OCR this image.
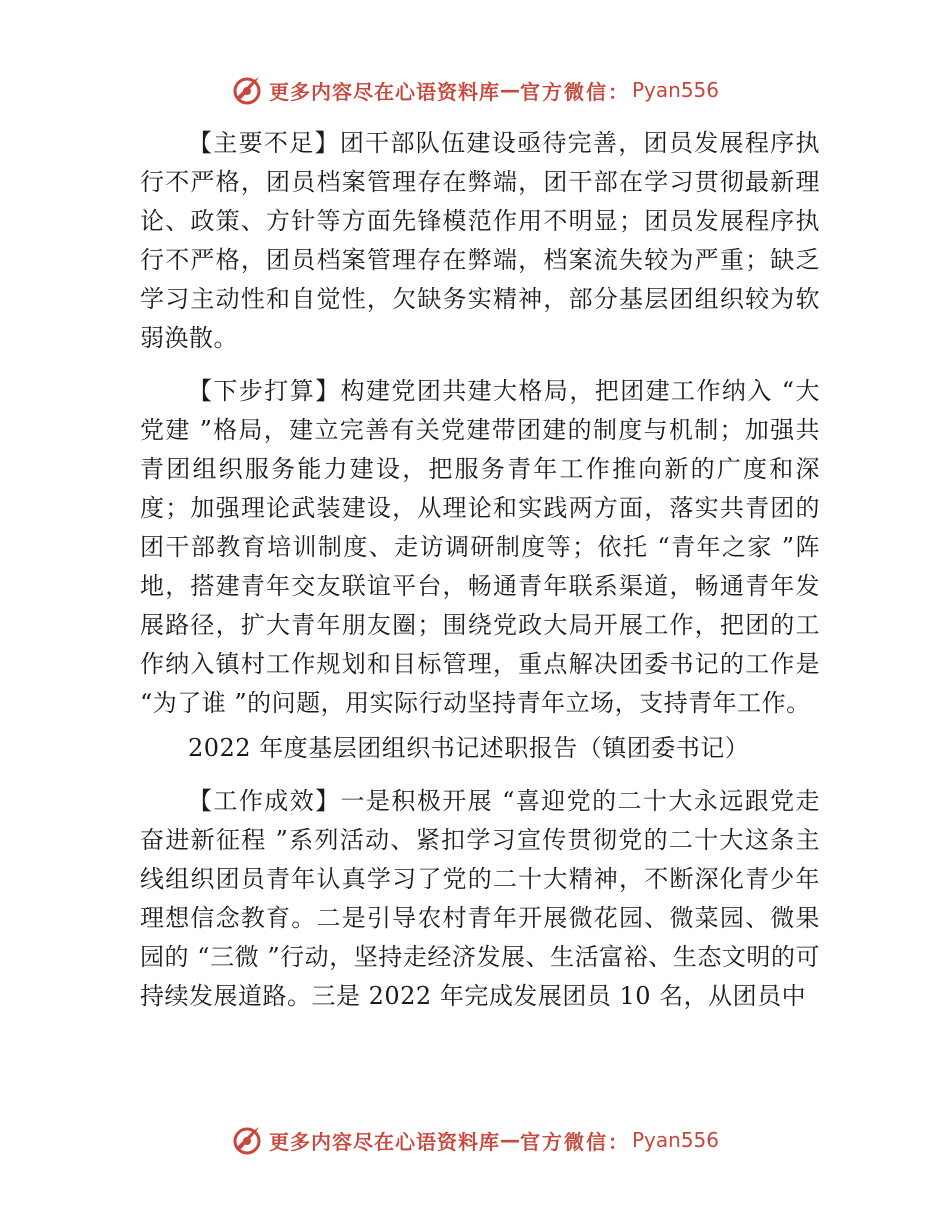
更多内容尽在心语资料库 — 官方微信： Pyan556

【主要不足】团干部队伍建设亟待完善，团员发展程序执行不严格，团员档案管理存在弊端，团干部在学习贯彻最新理论、政策、方针等方面先锋模范作用不明显；团员发展程序执行不严格，团员档案管理存在弊端，档案流失较为严重；缺乏学习主动性和自觉性，欠缺务实精神，部分基层团组织较为软弱涣散。

【下步打算】构建党团共建大格局，把团建工作纳入 “大党建 ”格局，建立完善有关党建带团建的制度与机制；加强共青团组织服务能力建设，把服务青年工作推向新的广度和深度；加强理论武装建设，从理论和实践两方面，落实共青团的团干部教育培训制度、走访调研制度等；依托 “青年之家 ”阵地，搭建青年交友联谊平台，畅通青年联系渠道，畅通青年发展路径，扩大青年朋友圈；围绕党政大局开展工作，把团的工作纳入镇村工作规划和目标管理，重点解决团委书记的工作是 “为了谁 ”的问题，用实际行动坚持青年立场，支持青年工作。

2022 年度基层团组织书记述职报告（镇团委书记）

【工作成效】一是积极开展 “喜迎党的二十大永远跟党走奋进新征程 ”系列活动、紧扣学习宣传贯彻党的二十大这条主线组织团员青年认真学习了党的二十大精神，不断深化青少年理想信念教育。二是引导农村青年开展微花园、微菜园、微果园的 “三微 ”行动，坚持走经济发展、生活富裕、生态文明的可持续发展道路。三是 2022 年完成发展团员 10 名，从团员中

更多内容尽在心语资料库 — 官方微信： Pyan556
